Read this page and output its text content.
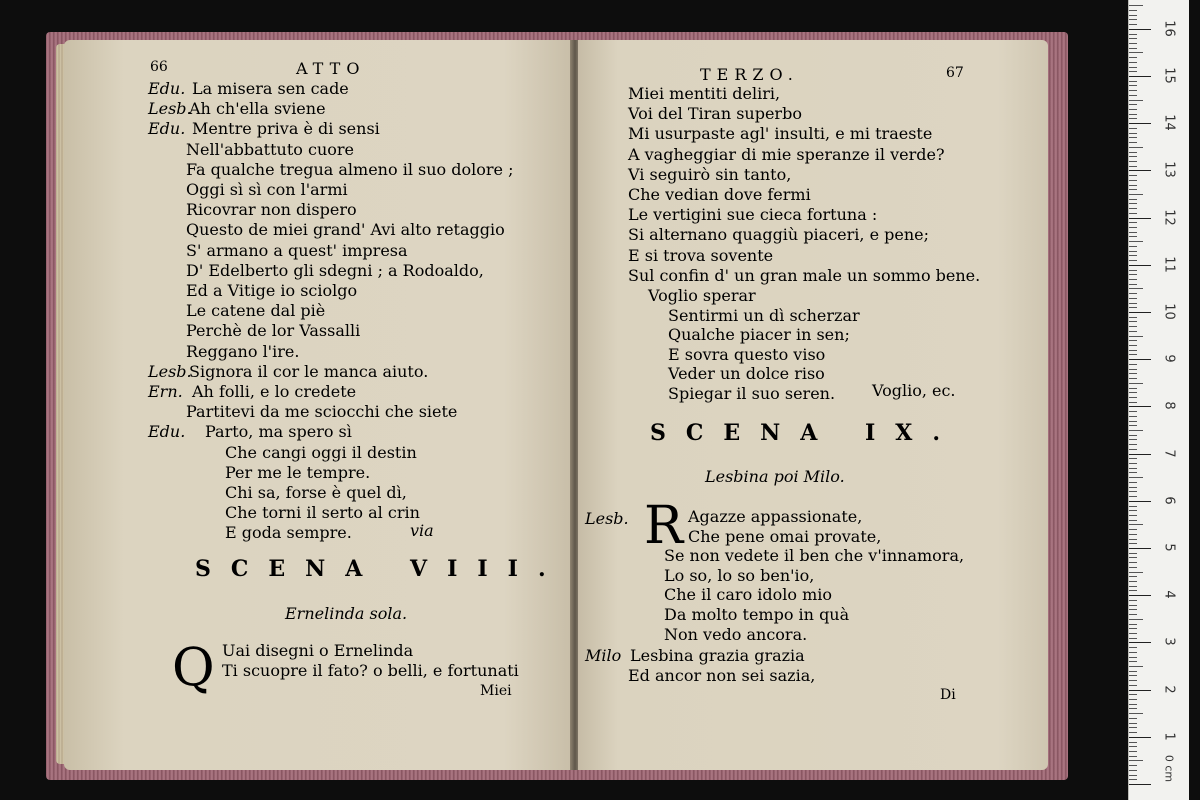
66	ATTO
Edu. La misera sen cade
Lesb.
Ah ch'ella sviene
Edu. Mentre priva è di sensi
Nell'abbattuto cuore
Fa qualche tregua almeno il suo dolore ;
Oggi sì sì con l'armi
Ricovrar non dispero
Questo de miei grand' Avi alto retaggio
S' armano a quest' impresa
D' Edelberto gli sdegni ; a Rodoaldo,
Ed a Vitige io sciolgo
Le catene dal piè
Perchè de lor Vassalli
Reggano l'ire.
Lesb.
Signora il cor le manca aiuto.
Ern. Ah folli, e lo credete
Partitevi da me sciocchi che siete
Edu. Parto, ma spero sì
Che cangi oggi il destin
Per me le tempre.
Chi sa, forse è quel dì,
Che torni il serto al crin
E goda sempre.	via
SCENA VIII.
Ernelinda sola.
Q Uai disegni o Ernelinda
Ti scuopre il fato? o belli, e fortunati
Miei
TERZO.	67
Miei mentiti deliri,
Voi del Tiran superbo
Mi usurpaste agl' insulti, e mi traeste
A vagheggiar di mie speranze il verde?
Vi seguirò sin tanto,
Che vedian dove fermi
Le vertigini sue cieca fortuna :
Si alternano quaggiù piaceri, e pene;
E si trova sovente
Sul confin d' un gran male un sommo bene.
Voglio sperar
Sentirmi un dì scherzar
Qualche piacer in sen;
E sovra questo viso
Veder un dolce riso
Spiegar il suo seren. Voglio, ec.
SCENA IX.
Lesbina poi Milo.
Lesb. R Agazze appassionate,
Che pene omai provate,
Se non vedete il ben che v'innamora,
Lo so, lo so ben'io,
Che il caro idolo mio
Da molto tempo in quà
Non vedo ancora.
Milo Lesbina grazia grazia
Ed ancor non sei sazia,
Di
1
2
3
4
5
6
7
8
9
10
11
12
13
14
15
16
0 cm
